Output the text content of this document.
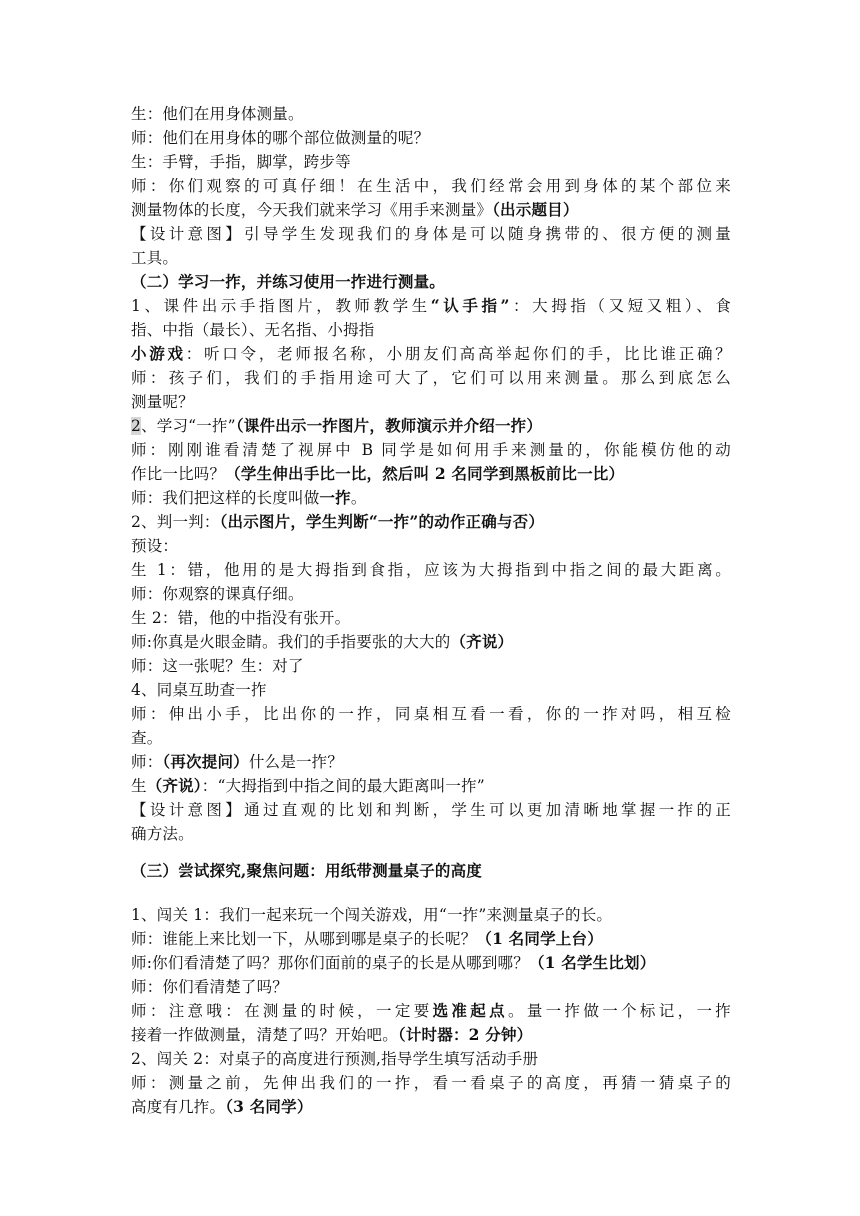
生：他们在用身体测量。
师：他们在用身体的哪个部位做测量的呢？
生：手臂，手指，脚掌，跨步等
师：你们观察的可真仔细！在生活中，我们经常会用到身体的某个部位来
测量物体的长度，今天我们就来学习《用手来测量》（出示题目）
【设计意图】引导学生发现我们的身体是可以随身携带的、很方便的测量
工具。
（二）学习一拃，并练习使用一拃进行测量。
1、课件出示手指图片，教师教学生“认手指”：大拇指（又短又粗）、食
指、中指（最长）、无名指、小拇指
小游戏：听口令，老师报名称，小朋友们高高举起你们的手，比比谁正确？
师：孩子们，我们的手指用途可大了，它们可以用来测量。那么到底怎么
测量呢？
2、学习“一拃”（课件出示一拃图片，教师演示并介绍一拃）
师：刚刚谁看清楚了视屏中 B 同学是如何用手来测量的，你能模仿他的动
作比一比吗？（学生伸出手比一比，然后叫 2 名同学到黑板前比一比）
师：我们把这样的长度叫做一拃。
2、判一判：（出示图片，学生判断“一拃”的动作正确与否）
预设：
生 1：错，他用的是大拇指到食指，应该为大拇指到中指之间的最大距离。
师：你观察的课真仔细。
生 2：错，他的中指没有张开。
师:你真是火眼金睛。我们的手指要张的大大的（齐说）
师：这一张呢？生：对了
4、同桌互助查一拃
师：伸出小手，比出你的一拃，同桌相互看一看，你的一拃对吗，相互检
查。
师：（再次提问）什么是一拃？
生（齐说）：“大拇指到中指之间的最大距离叫一拃”
【设计意图】通过直观的比划和判断，学生可以更加清晰地掌握一拃的正
确方法。
（三）尝试探究,聚焦问题：用纸带测量桌子的高度
1、闯关 1：我们一起来玩一个闯关游戏，用“一拃”来测量桌子的长。
师：谁能上来比划一下，从哪到哪是桌子的长呢？（1 名同学上台）
师:你们看清楚了吗？那你们面前的桌子的长是从哪到哪？（1 名学生比划）
师：你们看清楚了吗？
师：注意哦：在测量的时候，一定要选准起点。量一拃做一个标记，一拃
接着一拃做测量，清楚了吗？开始吧。（计时器：2 分钟）
2、闯关 2：对桌子的高度进行预测,指导学生填写活动手册
师：测量之前，先伸出我们的一拃，看一看桌子的高度，再猜一猜桌子的
高度有几拃。（3 名同学）
